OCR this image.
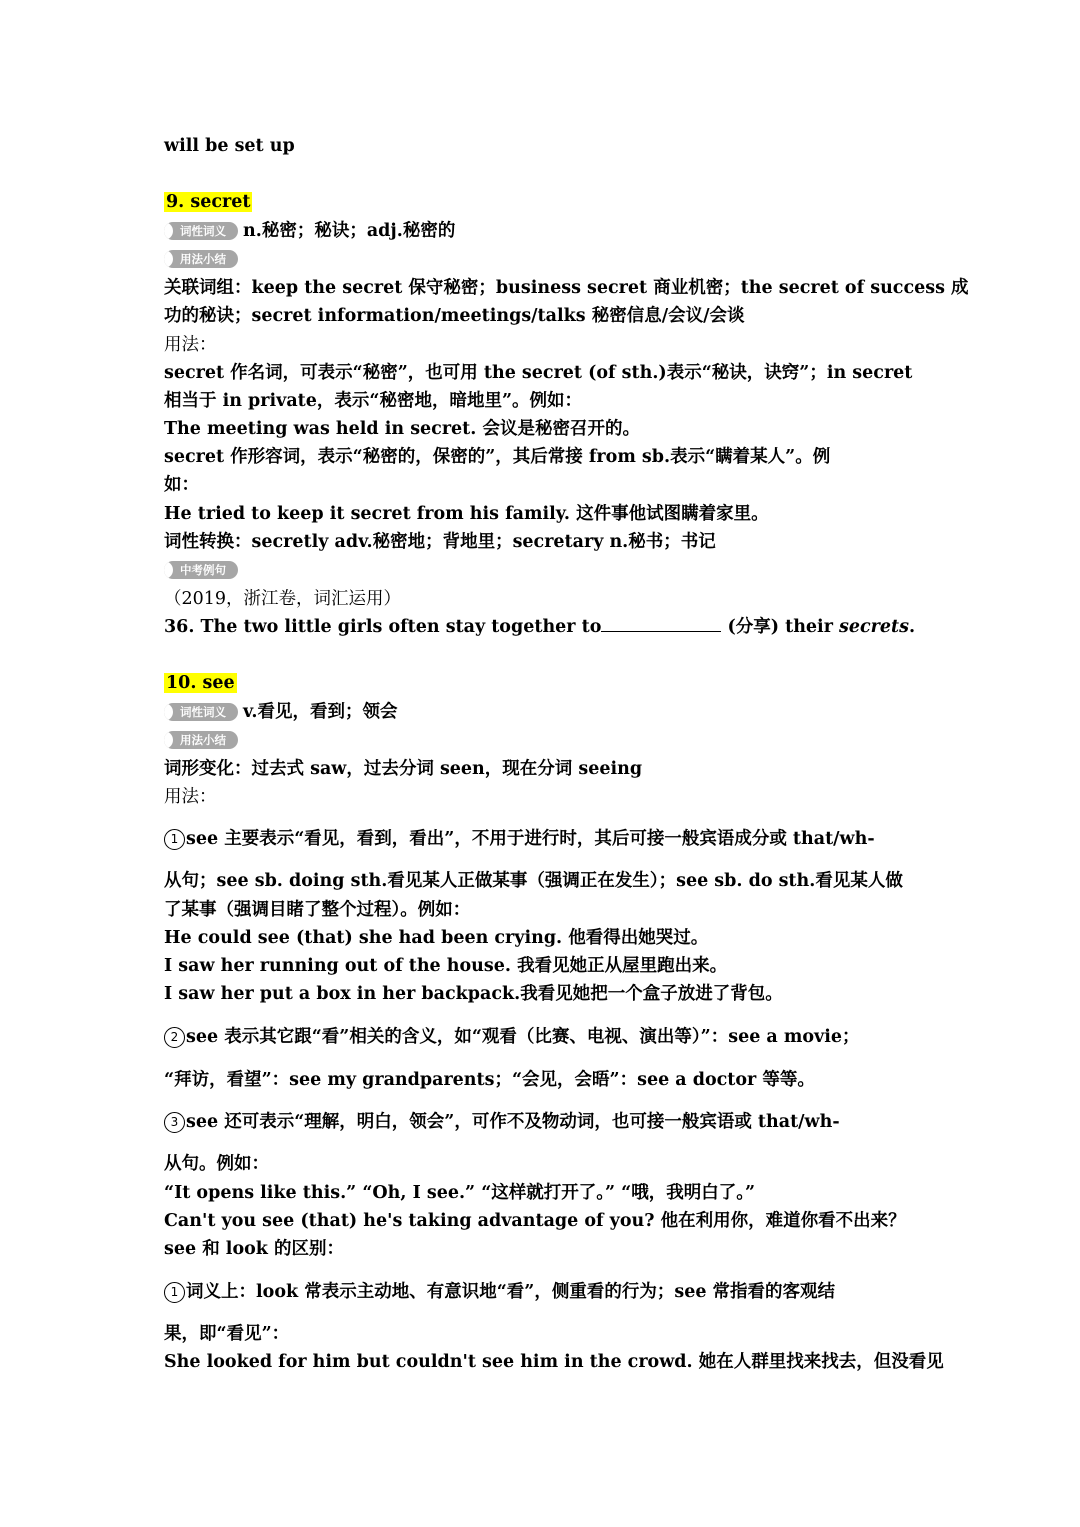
will be set up
9. secret
词性词义 n.秘密；秘诀；adj.秘密的
用法小结
关联词组：keep the secret 保守秘密；business secret 商业机密；the secret of success 成
功的秘诀；secret information/meetings/talks 秘密信息/会议/会谈
用法：
secret 作名词，可表示“秘密”，也可用 the secret (of sth.)表示“秘诀，诀窍”；in secret
相当于 in private，表示“秘密地，暗地里”。例如：
The meeting was held in secret. 会议是秘密召开的。
secret 作形容词，表示“秘密的，保密的”，其后常接 from sb.表示“瞒着某人”。例
如：
He tried to keep it secret from his family. 这件事他试图瞒着家里。
词性转换：secretly adv.秘密地；背地里；secretary n.秘书；书记
中考例句
（2019，浙江卷，词汇运用）
36. The two little girls often stay together to	(分享) their secrets.
10. see
词性词义 v.看见，看到；领会
用法小结
词形变化：过去式 saw，过去分词 seen，现在分词 seeing
用法：
1 see 主要表示“看见，看到，看出”，不用于进行时，其后可接一般宾语成分或 that/wh-
从句；see sb. doing sth.看见某人正做某事（强调正在发生）；see sb. do sth.看见某人做
了某事（强调目睹了整个过程）。例如：
He could see (that) she had been crying. 他看得出她哭过。
I saw her running out of the house. 我看见她正从屋里跑出来。
I saw her put a box in her backpack.我看见她把一个盒子放进了背包。
2 see 表示其它跟“看”相关的含义，如“观看（比赛、电视、演出等）”：see a movie；
“拜访，看望”：see my grandparents；“会见，会晤”：see a doctor 等等。
3 see 还可表示“理解，明白，领会”，可作不及物动词，也可接一般宾语或 that/wh-
从句。例如：
“It opens like this.” “Oh, I see.” “这样就打开了。” “哦，我明白了。”
Can't you see (that) he's taking advantage of you? 他在利用你，难道你看不出来？
see 和 look 的区别：
1 词义上：look 常表示主动地、有意识地“看”，侧重看的行为；see 常指看的客观结
果，即“看见”：
She looked for him but couldn't see him in the crowd. 她在人群里找来找去，但没看见
